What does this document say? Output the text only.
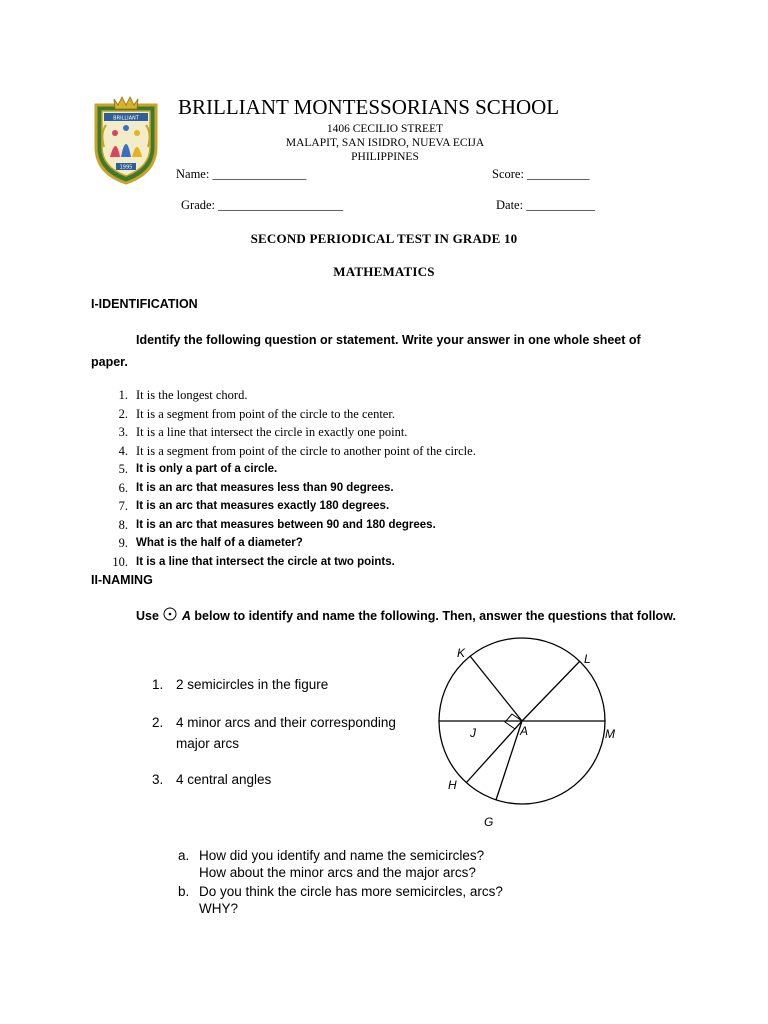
BRILLIANT
1995
BRILLIANT MONTESSORIANS SCHOOL
1406 CECILIO STREET
MALAPIT, SAN ISIDRO, NUEVA ECIJA
PHILIPPINES
Name: _______________	Score: __________
Grade: ____________________	Date: ___________
SECOND PERIODICAL TEST IN GRADE 10
MATHEMATICS
I-IDENTIFICATION
Identify the following question or statement. Write your answer in one whole sheet of paper.
1. It is the longest chord.
2. It is a segment from point of the circle to the center.
3. It is a line that intersect the circle in exactly one point.
4. It is a segment from point of the circle to another point of the circle.
5. It is only a part of a circle.
6. It is an arc that measures less than 90 degrees.
7. It is an arc that measures exactly 180 degrees.
8. It is an arc that measures between 90 and 180 degrees.
9. What is the half of a diameter?
10. It is a line that intersect the circle at two points.
II-NAMING
Use A below to identify and name the following. Then, answer the questions that follow.
1. 2 semicircles in the figure
2. 4 minor arcs and their corresponding
major arcs
3. 4 central angles
K	L
J	A	M
H
G
a. How did you identify and name the semicircles?
How about the minor arcs and the major arcs?
b. Do you think the circle has more semicircles, arcs?
WHY?
